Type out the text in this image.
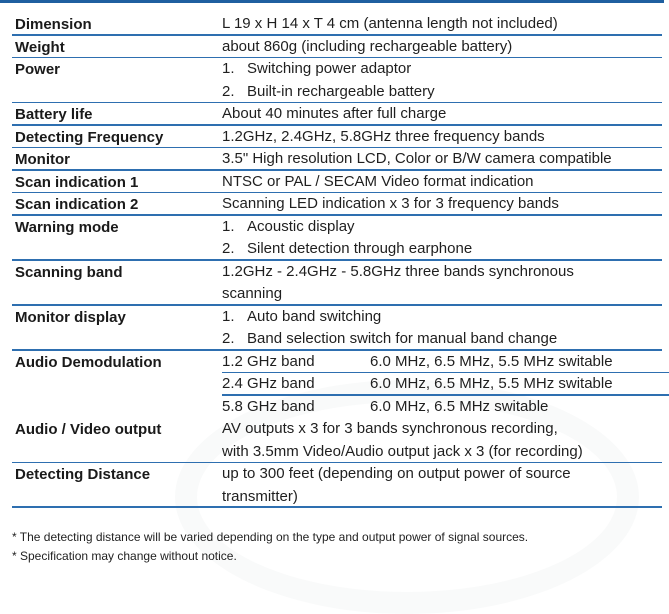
Dimension	L 19 x H 14 x T 4 cm (antenna length not included)
Weight	about 860g (including rechargeable battery)
Power	1. Switching power adaptor
2. Built-in rechargeable battery
Battery life	About 40 minutes after full charge
Detecting Frequency	1.2GHz, 2.4GHz, 5.8GHz three frequency bands
Monitor	3.5" High resolution LCD, Color or B/W camera compatible
Scan indication 1	NTSC or PAL / SECAM Video format indication
Scan indication 2	Scanning LED indication x 3 for 3 frequency bands
Warning mode	1. Acoustic display
2. Silent detection through earphone
Scanning band	1.2GHz - 2.4GHz - 5.8GHz three bands synchronous
scanning
Monitor display	1. Auto band switching
2. Band selection switch for manual band change
Audio Demodulation	1.2 GHz band	6.0 MHz, 6.5 MHz, 5.5 MHz switable
2.4 GHz band	6.0 MHz, 6.5 MHz, 5.5 MHz switable
5.8 GHz band	6.0 MHz, 6.5 MHz switable
Audio / Video output	AV outputs x 3 for 3 bands synchronous recording,
with 3.5mm Video/Audio output jack x 3 (for recording)
Detecting Distance	up to 300 feet (depending on output power of source
transmitter)
* The detecting distance will be varied depending on the type and output power of signal sources.
* Specification may change without notice.
